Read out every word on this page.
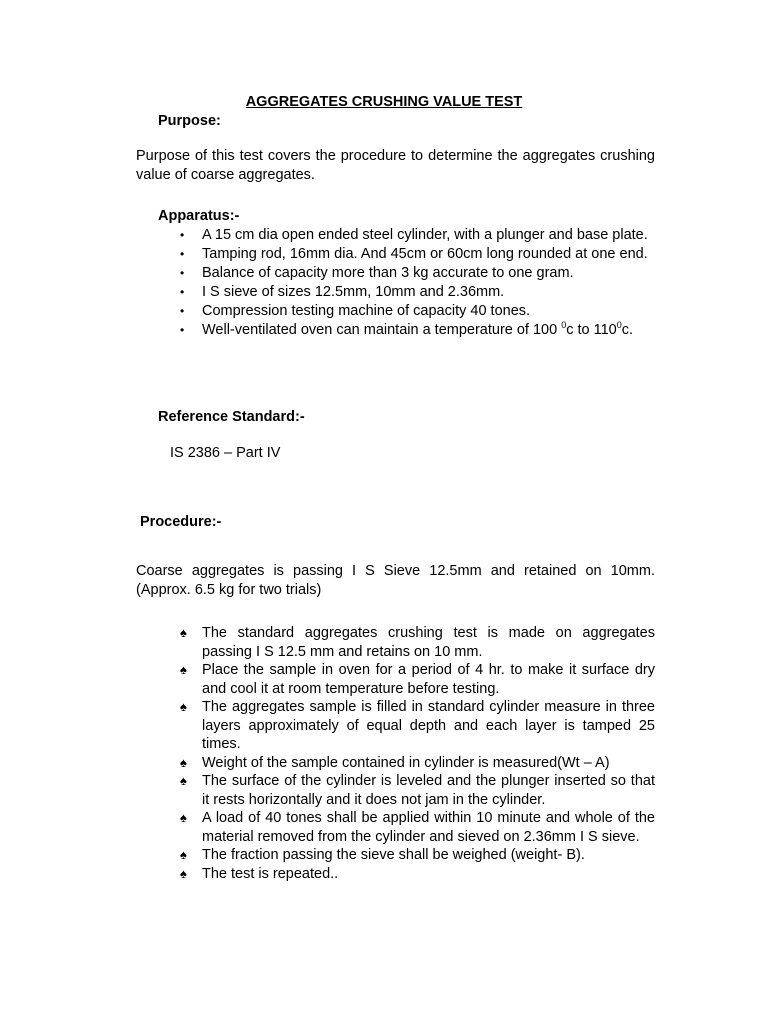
AGGREGATES CRUSHING VALUE TEST
Purpose:
Purpose of this test covers the procedure to determine the aggregates crushing value of coarse aggregates.
Apparatus:-
• A 15 cm dia open ended steel cylinder, with a plunger and base plate.
• Tamping rod, 16mm dia. And 45cm or 60cm long rounded at one end.
• Balance of capacity more than 3 kg accurate to one gram.
• I S sieve of sizes 12.5mm, 10mm and 2.36mm.
• Compression testing machine of capacity 40 tones.
• Well-ventilated oven can maintain a temperature of 100 $^0$c to $110^0c$.
Reference Standard:-
IS 2386 – Part IV
Procedure:-
Coarse aggregates is passing I S Sieve 12.5mm and retained on 10mm. (Approx. 6.5 kg for two trials)
♠ The standard aggregates crushing test is made on aggregates passing I S 12.5 mm and retains on 10 mm.
♠ Place the sample in oven for a period of 4 hr. to make it surface dry and cool it at room temperature before testing.
♠ The aggregates sample is filled in standard cylinder measure in three layers approximately of equal depth and each layer is tamped 25 times.
♠ Weight of the sample contained in cylinder is measured(Wt – A)
♠ The surface of the cylinder is leveled and the plunger inserted so that it rests horizontally and it does not jam in the cylinder.
♠ A load of 40 tones shall be applied within 10 minute and whole of the material removed from the cylinder and sieved on 2.36mm I S sieve.
♠ The fraction passing the sieve shall be weighed (weight- B).
♠ The test is repeated..
